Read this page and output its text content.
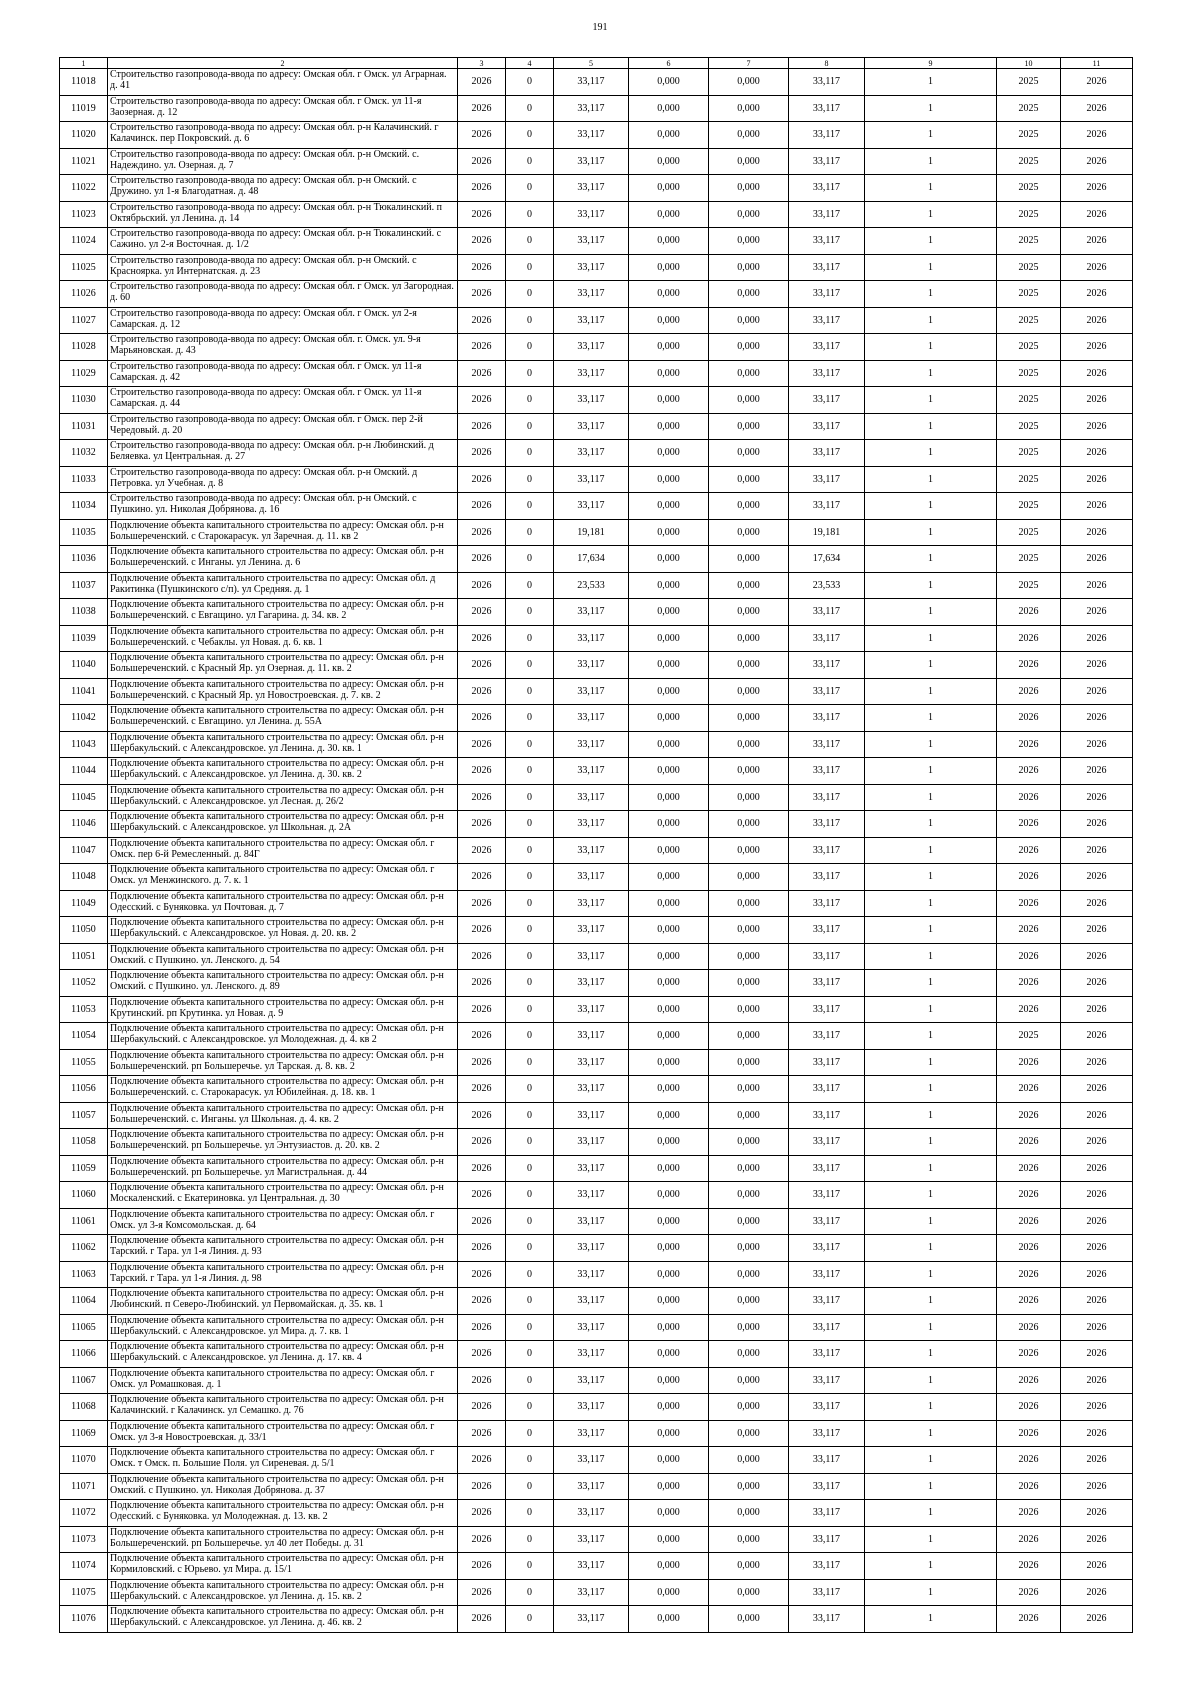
191
1	2	3	4	5	6	7	8	9	10	11
11018	Строительство газопровода-ввода по адресу: Омская обл. г Омск. ул Аграрная. д. 41	2026	0	33,117	0,000	0,000	33,117	1	2025	2026
11019	Строительство газопровода-ввода по адресу: Омская обл. г Омск. ул 11-я Заозерная. д. 12	2026	0	33,117	0,000	0,000	33,117	1	2025	2026
11020	Строительство газопровода-ввода по адресу: Омская обл. р-н Калачинский. г Калачинск. пер Покровский. д. 6	2026	0	33,117	0,000	0,000	33,117	1	2025	2026
11021	Строительство газопровода-ввода по адресу: Омская обл. р-н Омский. с. Надеждино. ул. Озерная. д. 7	2026	0	33,117	0,000	0,000	33,117	1	2025	2026
11022	Строительство газопровода-ввода по адресу: Омская обл. р-н Омский. с Дружино. ул 1-я Благодатная. д. 48	2026	0	33,117	0,000	0,000	33,117	1	2025	2026
11023	Строительство газопровода-ввода по адресу: Омская обл. р-н Тюкалинский. п Октябрьский. ул Ленина. д. 14	2026	0	33,117	0,000	0,000	33,117	1	2025	2026
11024	Строительство газопровода-ввода по адресу: Омская обл. р-н Тюкалинский. с Сажино. ул 2-я Восточная. д. 1/2	2026	0	33,117	0,000	0,000	33,117	1	2025	2026
11025	Строительство газопровода-ввода по адресу: Омская обл. р-н Омский. с Красноярка. ул Интернатская. д. 23	2026	0	33,117	0,000	0,000	33,117	1	2025	2026
11026	Строительство газопровода-ввода по адресу: Омская обл. г Омск. ул Загородная. д. 60	2026	0	33,117	0,000	0,000	33,117	1	2025	2026
11027	Строительство газопровода-ввода по адресу: Омская обл. г Омск. ул 2-я Самарская. д. 12	2026	0	33,117	0,000	0,000	33,117	1	2025	2026
11028	Строительство газопровода-ввода по адресу: Омская обл. г. Омск. ул. 9-я Марьяновская. д. 43	2026	0	33,117	0,000	0,000	33,117	1	2025	2026
11029	Строительство газопровода-ввода по адресу: Омская обл. г Омск. ул 11-я Самарская. д. 42	2026	0	33,117	0,000	0,000	33,117	1	2025	2026
11030	Строительство газопровода-ввода по адресу: Омская обл. г Омск. ул 11-я Самарская. д. 44	2026	0	33,117	0,000	0,000	33,117	1	2025	2026
11031	Строительство газопровода-ввода по адресу: Омская обл. г Омск. пер 2-й Чередовый. д. 20	2026	0	33,117	0,000	0,000	33,117	1	2025	2026
11032	Строительство газопровода-ввода по адресу: Омская обл. р-н Любинский. д Беляевка. ул Центральная. д. 27	2026	0	33,117	0,000	0,000	33,117	1	2025	2026
11033	Строительство газопровода-ввода по адресу: Омская обл. р-н Омский. д Петровка. ул Учебная. д. 8	2026	0	33,117	0,000	0,000	33,117	1	2025	2026
11034	Строительство газопровода-ввода по адресу: Омская обл. р-н Омский. с Пушкино. ул. Николая Добрянова. д. 16	2026	0	33,117	0,000	0,000	33,117	1	2025	2026
11035	Подключение объекта капитального строительства по адресу: Омская обл. р-н Большереченский. с Старокарасук. ул Заречная. д. 11. кв 2	2026	0	19,181	0,000	0,000	19,181	1	2025	2026
11036	Подключение объекта капитального строительства по адресу: Омская обл. р-н Большереченский. с Инганы. ул Ленина. д. 6	2026	0	17,634	0,000	0,000	17,634	1	2025	2026
11037	Подключение объекта капитального строительства по адресу: Омская обл. д Ракитинка (Пушкинского с/п). ул Средняя. д. 1	2026	0	23,533	0,000	0,000	23,533	1	2025	2026
11038	Подключение объекта капитального строительства по адресу: Омская обл. р-н Большереченский. с Евгащино. ул Гагарина. д. 34. кв. 2	2026	0	33,117	0,000	0,000	33,117	1	2026	2026
11039	Подключение объекта капитального строительства по адресу: Омская обл. р-н Большереченский. с Чебаклы. ул Новая. д. 6. кв. 1	2026	0	33,117	0,000	0,000	33,117	1	2026	2026
11040	Подключение объекта капитального строительства по адресу: Омская обл. р-н Большереченский. с Красный Яр. ул Озерная. д. 11. кв. 2	2026	0	33,117	0,000	0,000	33,117	1	2026	2026
11041	Подключение объекта капитального строительства по адресу: Омская обл. р-н Большереченский. с Красный Яр. ул Новостроевская. д. 7. кв. 2	2026	0	33,117	0,000	0,000	33,117	1	2026	2026
11042	Подключение объекта капитального строительства по адресу: Омская обл. р-н Большереченский. с Евгащино. ул Ленина. д. 55А	2026	0	33,117	0,000	0,000	33,117	1	2026	2026
11043	Подключение объекта капитального строительства по адресу: Омская обл. р-н Шербакульский. с Александровское. ул Ленина. д. 30. кв. 1	2026	0	33,117	0,000	0,000	33,117	1	2026	2026
11044	Подключение объекта капитального строительства по адресу: Омская обл. р-н Шербакульский. с Александровское. ул Ленина. д. 30. кв. 2	2026	0	33,117	0,000	0,000	33,117	1	2026	2026
11045	Подключение объекта капитального строительства по адресу: Омская обл. р-н Шербакульский. с Александровское. ул Лесная. д. 26/2	2026	0	33,117	0,000	0,000	33,117	1	2026	2026
11046	Подключение объекта капитального строительства по адресу: Омская обл. р-н Шербакульский. с Александровское. ул Школьная. д. 2А	2026	0	33,117	0,000	0,000	33,117	1	2026	2026
11047	Подключение объекта капитального строительства по адресу: Омская обл. г Омск. пер 6-й Ремесленный. д. 84Г	2026	0	33,117	0,000	0,000	33,117	1	2026	2026
11048	Подключение объекта капитального строительства по адресу: Омская обл. г Омск. ул Менжинского. д. 7. к. 1	2026	0	33,117	0,000	0,000	33,117	1	2026	2026
11049	Подключение объекта капитального строительства по адресу: Омская обл. р-н Одесский. с Буняковка. ул Почтовая. д. 7	2026	0	33,117	0,000	0,000	33,117	1	2026	2026
11050	Подключение объекта капитального строительства по адресу: Омская обл. р-н Шербакульский. с Александровское. ул Новая. д. 20. кв. 2	2026	0	33,117	0,000	0,000	33,117	1	2026	2026
11051	Подключение объекта капитального строительства по адресу: Омская обл. р-н Омский. с Пушкино. ул. Ленского. д. 54	2026	0	33,117	0,000	0,000	33,117	1	2026	2026
11052	Подключение объекта капитального строительства по адресу: Омская обл. р-н Омский. с Пушкино. ул. Ленского. д. 89	2026	0	33,117	0,000	0,000	33,117	1	2026	2026
11053	Подключение объекта капитального строительства по адресу: Омская обл. р-н Крутинский. рп Крутинка. ул Новая. д. 9	2026	0	33,117	0,000	0,000	33,117	1	2026	2026
11054	Подключение объекта капитального строительства по адресу: Омская обл. р-н Шербакульский. с Александровское. ул Молодежная. д. 4. кв 2	2026	0	33,117	0,000	0,000	33,117	1	2025	2026
11055	Подключение объекта капитального строительства по адресу: Омская обл. р-н Большереченский. рп Большеречье. ул Тарская. д. 8. кв. 2	2026	0	33,117	0,000	0,000	33,117	1	2026	2026
11056	Подключение объекта капитального строительства по адресу: Омская обл. р-н Большереченский. с. Старокарасук. ул Юбилейная. д. 18. кв. 1	2026	0	33,117	0,000	0,000	33,117	1	2026	2026
11057	Подключение объекта капитального строительства по адресу: Омская обл. р-н Большереченский. с. Инганы. ул Школьная. д. 4. кв. 2	2026	0	33,117	0,000	0,000	33,117	1	2026	2026
11058	Подключение объекта капитального строительства по адресу: Омская обл. р-н Большереченский. рп Большеречье. ул Энтузиастов. д. 20. кв. 2	2026	0	33,117	0,000	0,000	33,117	1	2026	2026
11059	Подключение объекта капитального строительства по адресу: Омская обл. р-н Большереченский. рп Большеречье. ул Магистральная. д. 44	2026	0	33,117	0,000	0,000	33,117	1	2026	2026
11060	Подключение объекта капитального строительства по адресу: Омская обл. р-н Москаленский. с Екатериновка. ул Центральная. д. 30	2026	0	33,117	0,000	0,000	33,117	1	2026	2026
11061	Подключение объекта капитального строительства по адресу: Омская обл. г Омск. ул 3-я Комсомольская. д. 64	2026	0	33,117	0,000	0,000	33,117	1	2026	2026
11062	Подключение объекта капитального строительства по адресу: Омская обл. р-н Тарский. г Тара. ул 1-я Линия. д. 93	2026	0	33,117	0,000	0,000	33,117	1	2026	2026
11063	Подключение объекта капитального строительства по адресу: Омская обл. р-н Тарский. г Тара. ул 1-я Линия. д. 98	2026	0	33,117	0,000	0,000	33,117	1	2026	2026
11064	Подключение объекта капитального строительства по адресу: Омская обл. р-н Любинский. п Северо-Любинский. ул Первомайская. д. 35. кв. 1	2026	0	33,117	0,000	0,000	33,117	1	2026	2026
11065	Подключение объекта капитального строительства по адресу: Омская обл. р-н Шербакульский. с Александровское. ул Мира. д. 7. кв. 1	2026	0	33,117	0,000	0,000	33,117	1	2026	2026
11066	Подключение объекта капитального строительства по адресу: Омская обл. р-н Шербакульский. с Александровское. ул Ленина. д. 17. кв. 4	2026	0	33,117	0,000	0,000	33,117	1	2026	2026
11067	Подключение объекта капитального строительства по адресу: Омская обл. г Омск. ул Ромашковая. д. 1	2026	0	33,117	0,000	0,000	33,117	1	2026	2026
11068	Подключение объекта капитального строительства по адресу: Омская обл. р-н Калачинский. г Калачинск. ул Семашко. д. 76	2026	0	33,117	0,000	0,000	33,117	1	2026	2026
11069	Подключение объекта капитального строительства по адресу: Омская обл. г Омск. ул 3-я Новостроевская. д. 33/1	2026	0	33,117	0,000	0,000	33,117	1	2026	2026
11070	Подключение объекта капитального строительства по адресу: Омская обл. г Омск. т Омск. п. Большие Поля. ул Сиреневая. д. 5/1	2026	0	33,117	0,000	0,000	33,117	1	2026	2026
11071	Подключение объекта капитального строительства по адресу: Омская обл. р-н Омский. с Пушкино. ул. Николая Добрянова. д. 37	2026	0	33,117	0,000	0,000	33,117	1	2026	2026
11072	Подключение объекта капитального строительства по адресу: Омская обл. р-н Одесский. с Буняковка. ул Молодежная. д. 13. кв. 2	2026	0	33,117	0,000	0,000	33,117	1	2026	2026
11073	Подключение объекта капитального строительства по адресу: Омская обл. р-н Большереченский. рп Большеречье. ул 40 лет Победы. д. 31	2026	0	33,117	0,000	0,000	33,117	1	2026	2026
11074	Подключение объекта капитального строительства по адресу: Омская обл. р-н Кормиловский. с Юрьево. ул Мира. д. 15/1	2026	0	33,117	0,000	0,000	33,117	1	2026	2026
11075	Подключение объекта капитального строительства по адресу: Омская обл. р-н Шербакульский. с Александровское. ул Ленина. д. 15. кв. 2	2026	0	33,117	0,000	0,000	33,117	1	2026	2026
11076	Подключение объекта капитального строительства по адресу: Омская обл. р-н Шербакульский. с Александровское. ул Ленина. д. 46. кв. 2	2026	0	33,117	0,000	0,000	33,117	1	2026	2026
